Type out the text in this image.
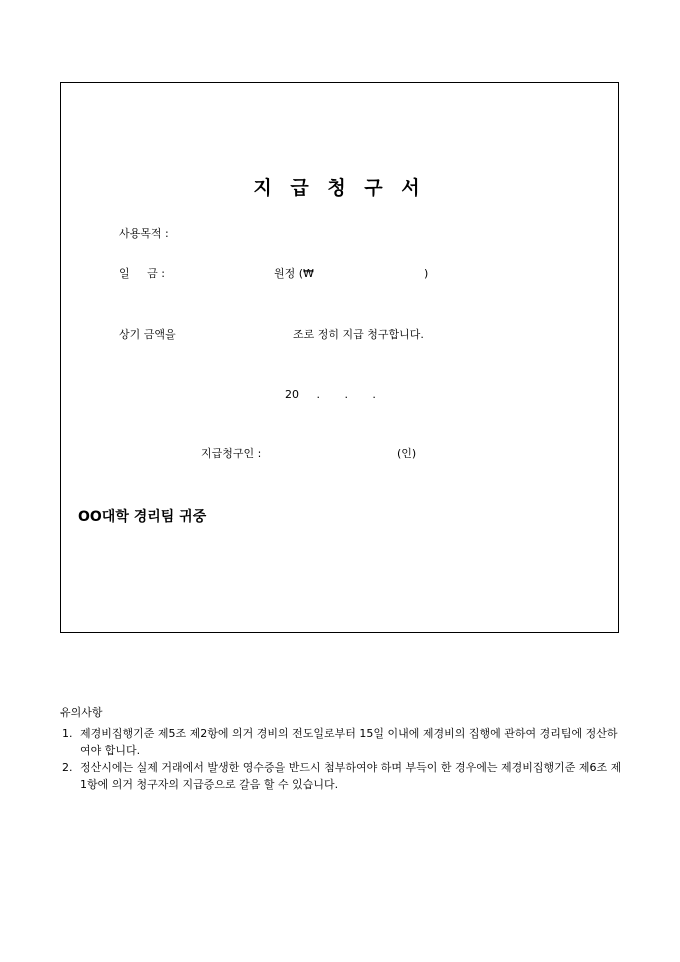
지 급 청 구 서
사용목적 :
일     금 :	원정 (₩	)
상기 금액을	조로 정히 지급 청구합니다.
20     .       .       .
지급청구인 :	(인)
OO대학 경리팀 귀중
유의사항
1. 제경비집행기준 제5조 제2항에 의거 경비의 전도일로부터 15일 이내에 제경비의 집행에 관하여 경리팀에 정산하여야 합니다.
2. 정산시에는 실제 거래에서 발생한 영수증을 반드시 첨부하여야 하며 부득이 한 경우에는 제경비집행기준 제6조 제1항에 의거 청구자의 지급증으로 갈음 할 수 있습니다.
